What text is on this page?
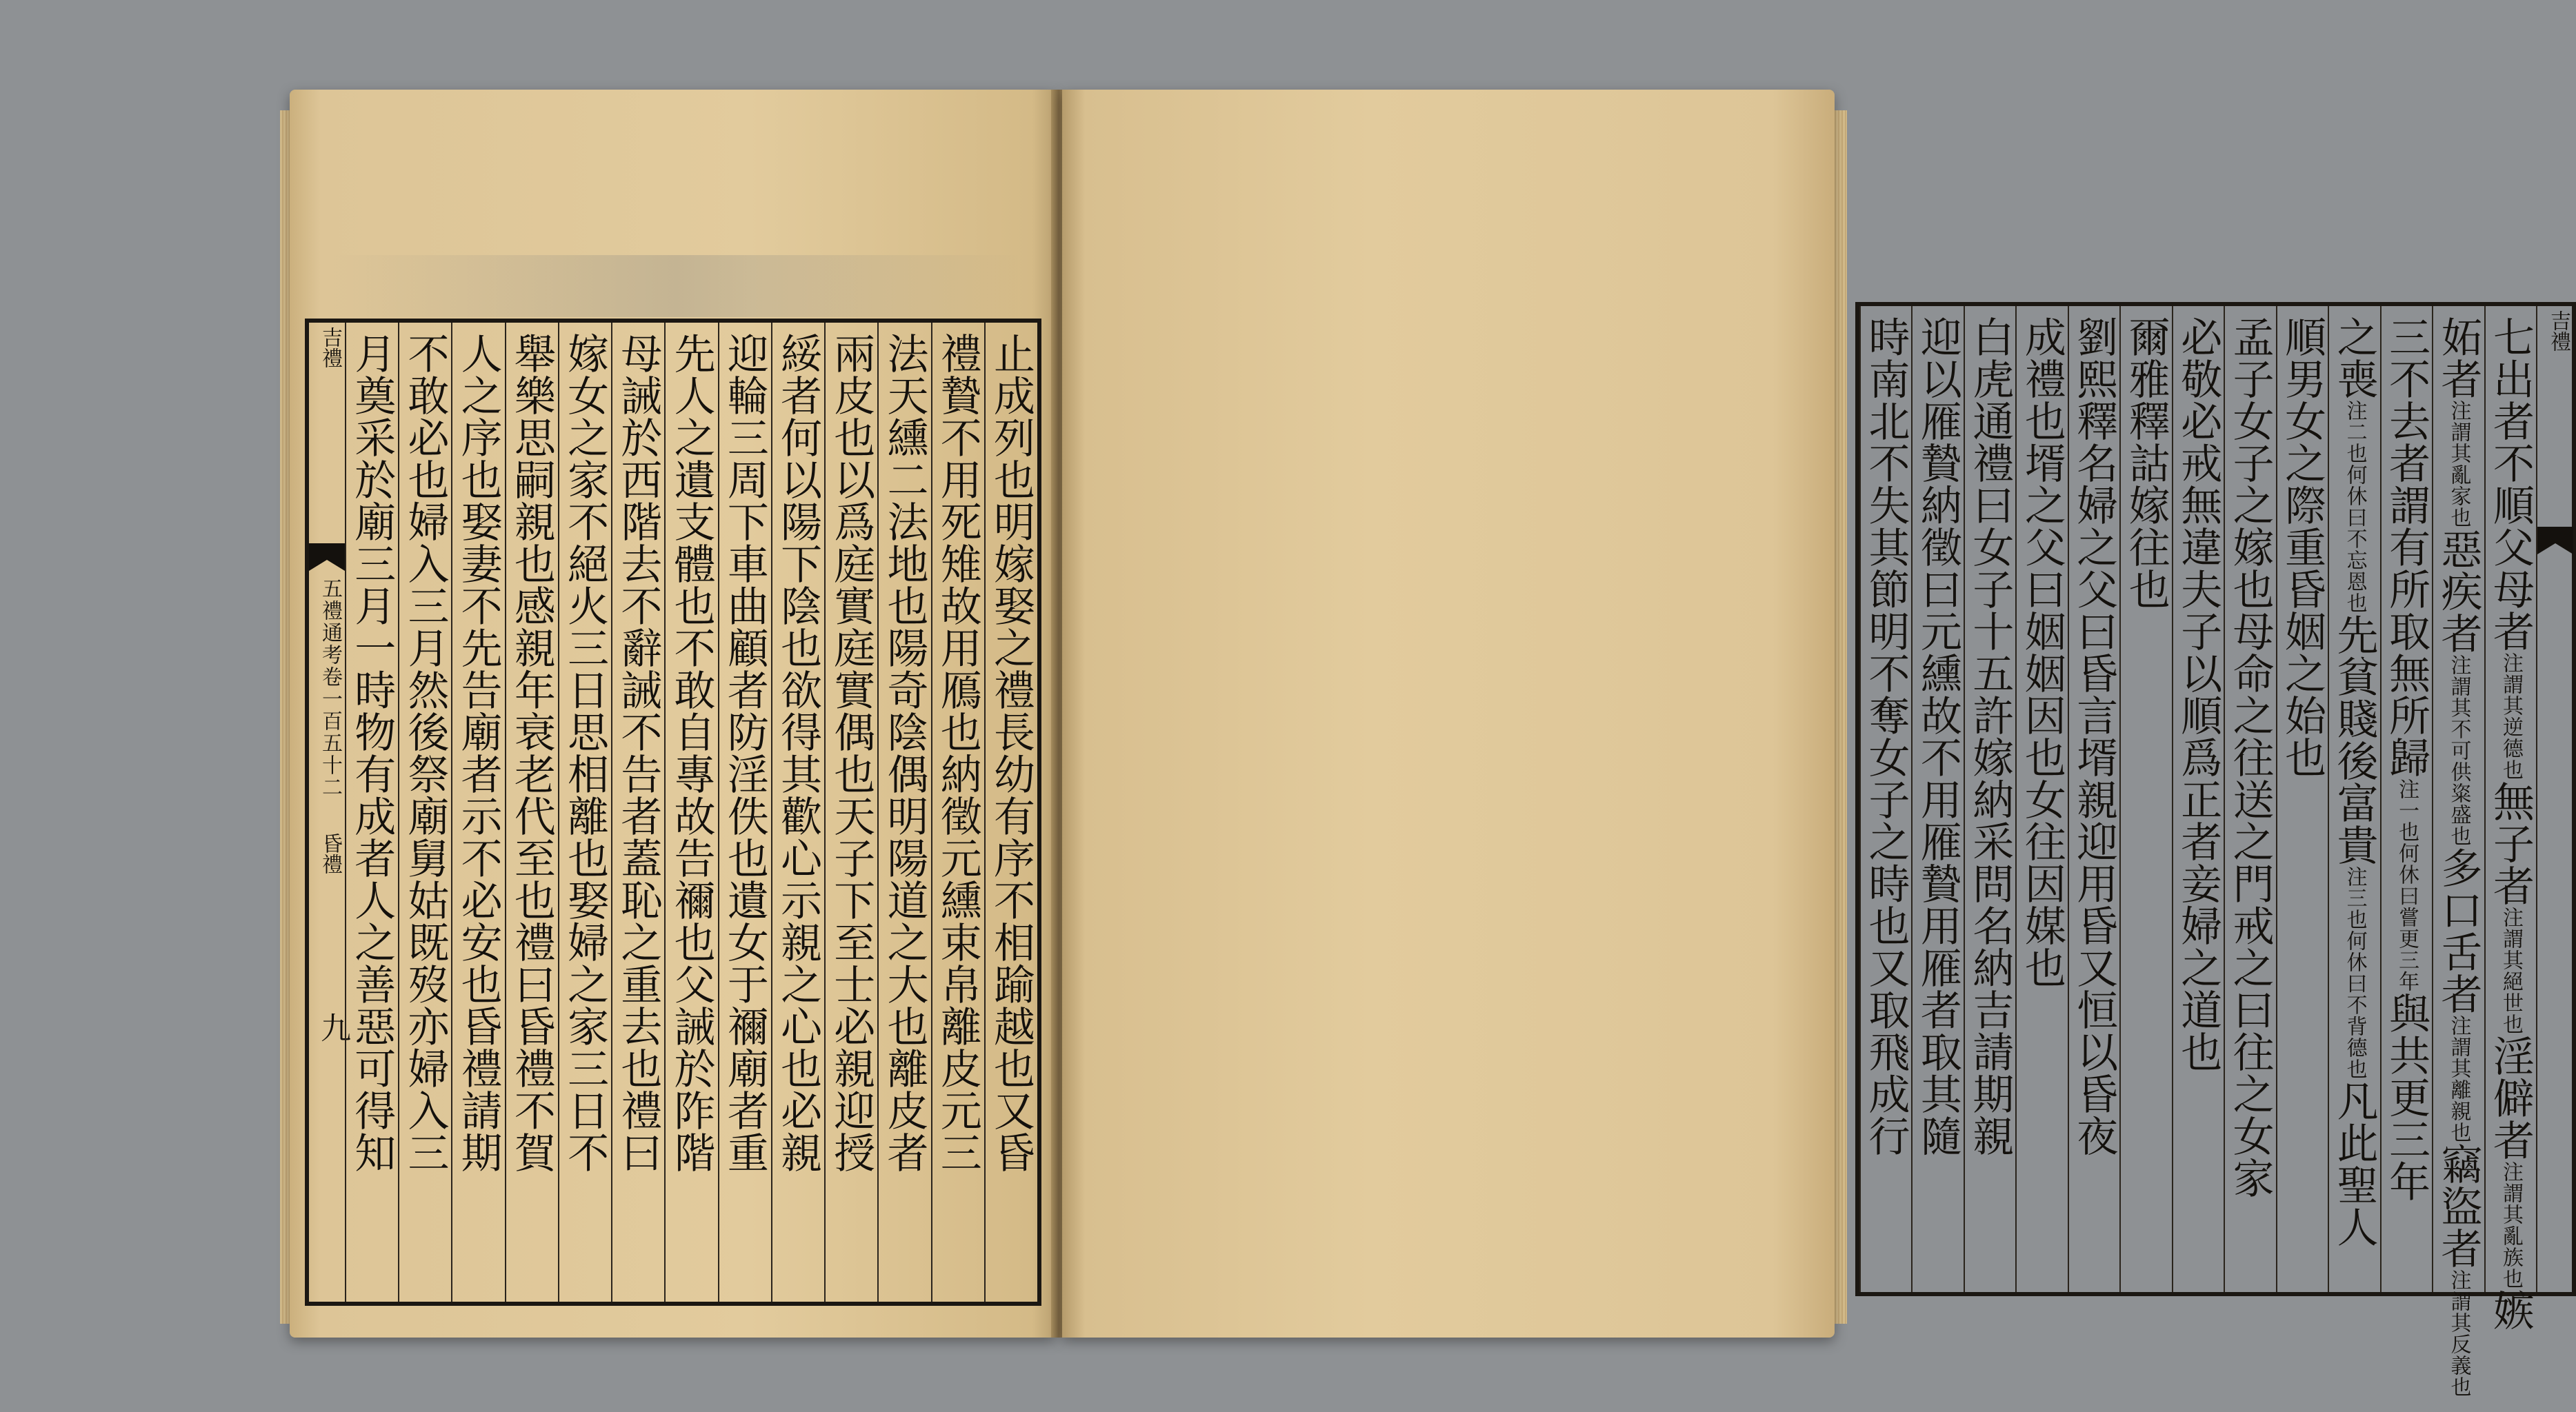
吉禮
五禮通考卷一百五十二
昏禮
九	止成列也明嫁娶之禮長幼有序不相踰越也又昏
禮贄不用死雉故用鴈也納徵元纁束帛離皮元三
法天纁二法地也陽奇陰偶明陽道之大也離皮者
兩皮也以爲庭實庭實偶也天子下至士必親迎授
綏者何以陽下陰也欲得其歡心示親之心也必親
迎輪三周下車曲顧者防淫佚也遺女于禰廟者重
先人之遺支體也不敢自專故告禰也父誡於阼階
母誡於西階去不辭誡不告者蓋恥之重去也禮曰
嫁女之家不絕火三日思相離也娶婦之家三日不
舉樂思嗣親也感親年衰老代至也禮曰昏禮不賀
人之序也娶妻不先告廟者示不必安也昏禮請期
不敢必也婦入三月然後祭廟舅姑既歿亦婦入三
月奠采於廟三月一時物有成者人之善惡可得知
吉禮
七出者不順父母者注謂其逆德也無子者注謂其絕世也淫僻者注謂其亂族也嫉
妬者注謂其亂家也惡疾者注謂其不可供粢盛也多口舌者注謂其離親也竊盜者注謂其反義也
三不去者謂有所取無所歸注一也何休曰嘗更三年與共更三年
之喪注二也何休曰不忘恩也先貧賤後富貴注三也何休曰不背德也凡此聖人
順男女之際重昏姻之始也
孟子女子之嫁也母命之往送之門戒之曰往之女家
必敬必戒無違夫子以順爲正者妾婦之道也
爾雅釋詁嫁往也
劉熙釋名婦之父曰昏言壻親迎用昏又恒以昏夜
成禮也壻之父曰姻姻因也女往因媒也
白虎通禮曰女子十五許嫁納采問名納吉請期親
迎以雁贄納徵曰元纁故不用雁贄用雁者取其隨
時南北不失其節明不奪女子之時也又取飛成行
